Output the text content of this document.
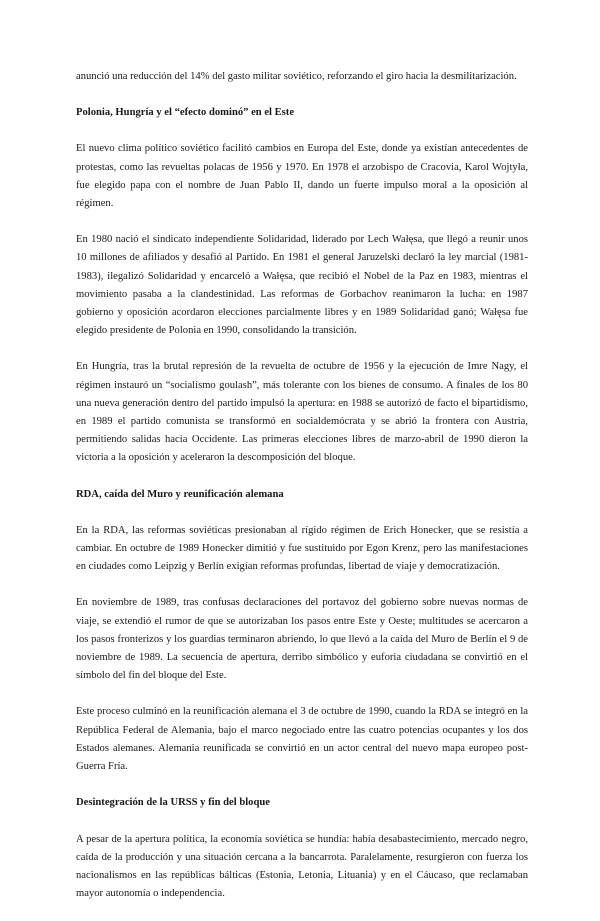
anunció una reducción del 14% del gasto militar soviético, reforzando el giro hacia la desmilitarización.

Polonia, Hungría y el “efecto dominó” en el Este

El nuevo clima político soviético facilitó cambios en Europa del Este, donde ya existían antecedentes de protestas, como las revueltas polacas de 1956 y 1970. En 1978 el arzobispo de Cracovia, Karol Wojtyła, fue elegido papa con el nombre de Juan Pablo II, dando un fuerte impulso moral a la oposición al régimen.

En 1980 nació el sindicato independiente Solidaridad, liderado por Lech Wałęsa, que llegó a reunir unos 10 millones de afiliados y desafió al Partido. En 1981 el general Jaruzelski declaró la ley marcial (1981-1983), ilegalizó Solidaridad y encarceló a Wałęsa, que recibió el Nobel de la Paz en 1983, mientras el movimiento pasaba a la clandestinidad. Las reformas de Gorbachov reanimaron la lucha: en 1987 gobierno y oposición acordaron elecciones parcialmente libres y en 1989 Solidaridad ganó; Wałęsa fue elegido presidente de Polonia en 1990, consolidando la transición.

En Hungría, tras la brutal represión de la revuelta de octubre de 1956 y la ejecución de Imre Nagy, el régimen instauró un “socialismo goulash”, más tolerante con los bienes de consumo. A finales de los 80 una nueva generación dentro del partido impulsó la apertura: en 1988 se autorizó de facto el bipartidismo, en 1989 el partido comunista se transformó en socialdemócrata y se abrió la frontera con Austria, permitiendo salidas hacia Occidente. Las primeras elecciones libres de marzo-abril de 1990 dieron la victoria a la oposición y aceleraron la descomposición del bloque.

RDA, caída del Muro y reunificación alemana

En la RDA, las reformas soviéticas presionaban al rígido régimen de Erich Honecker, que se resistía a cambiar. En octubre de 1989 Honecker dimitió y fue sustituido por Egon Krenz, pero las manifestaciones en ciudades como Leipzig y Berlín exigían reformas profundas, libertad de viaje y democratización.

En noviembre de 1989, tras confusas declaraciones del portavoz del gobierno sobre nuevas normas de viaje, se extendió el rumor de que se autorizaban los pasos entre Este y Oeste; multitudes se acercaron a los pasos fronterizos y los guardias terminaron abriendo, lo que llevó a la caída del Muro de Berlín el 9 de noviembre de 1989. La secuencia de apertura, derribo simbólico y euforia ciudadana se convirtió en el símbolo del fin del bloque del Este.

Este proceso culminó en la reunificación alemana el 3 de octubre de 1990, cuando la RDA se integró en la República Federal de Alemania, bajo el marco negociado entre las cuatro potencias ocupantes y los dos Estados alemanes. Alemania reunificada se convirtió en un actor central del nuevo mapa europeo post-Guerra Fría.

Desintegración de la URSS y fin del bloque

A pesar de la apertura política, la economía soviética se hundía: había desabastecimiento, mercado negro, caída de la producción y una situación cercana a la bancarrota. Paralelamente, resurgieron con fuerza los nacionalismos en las repúblicas bálticas (Estonia, Letonia, Lituania) y en el Cáucaso, que reclamaban mayor autonomía o independencia.
